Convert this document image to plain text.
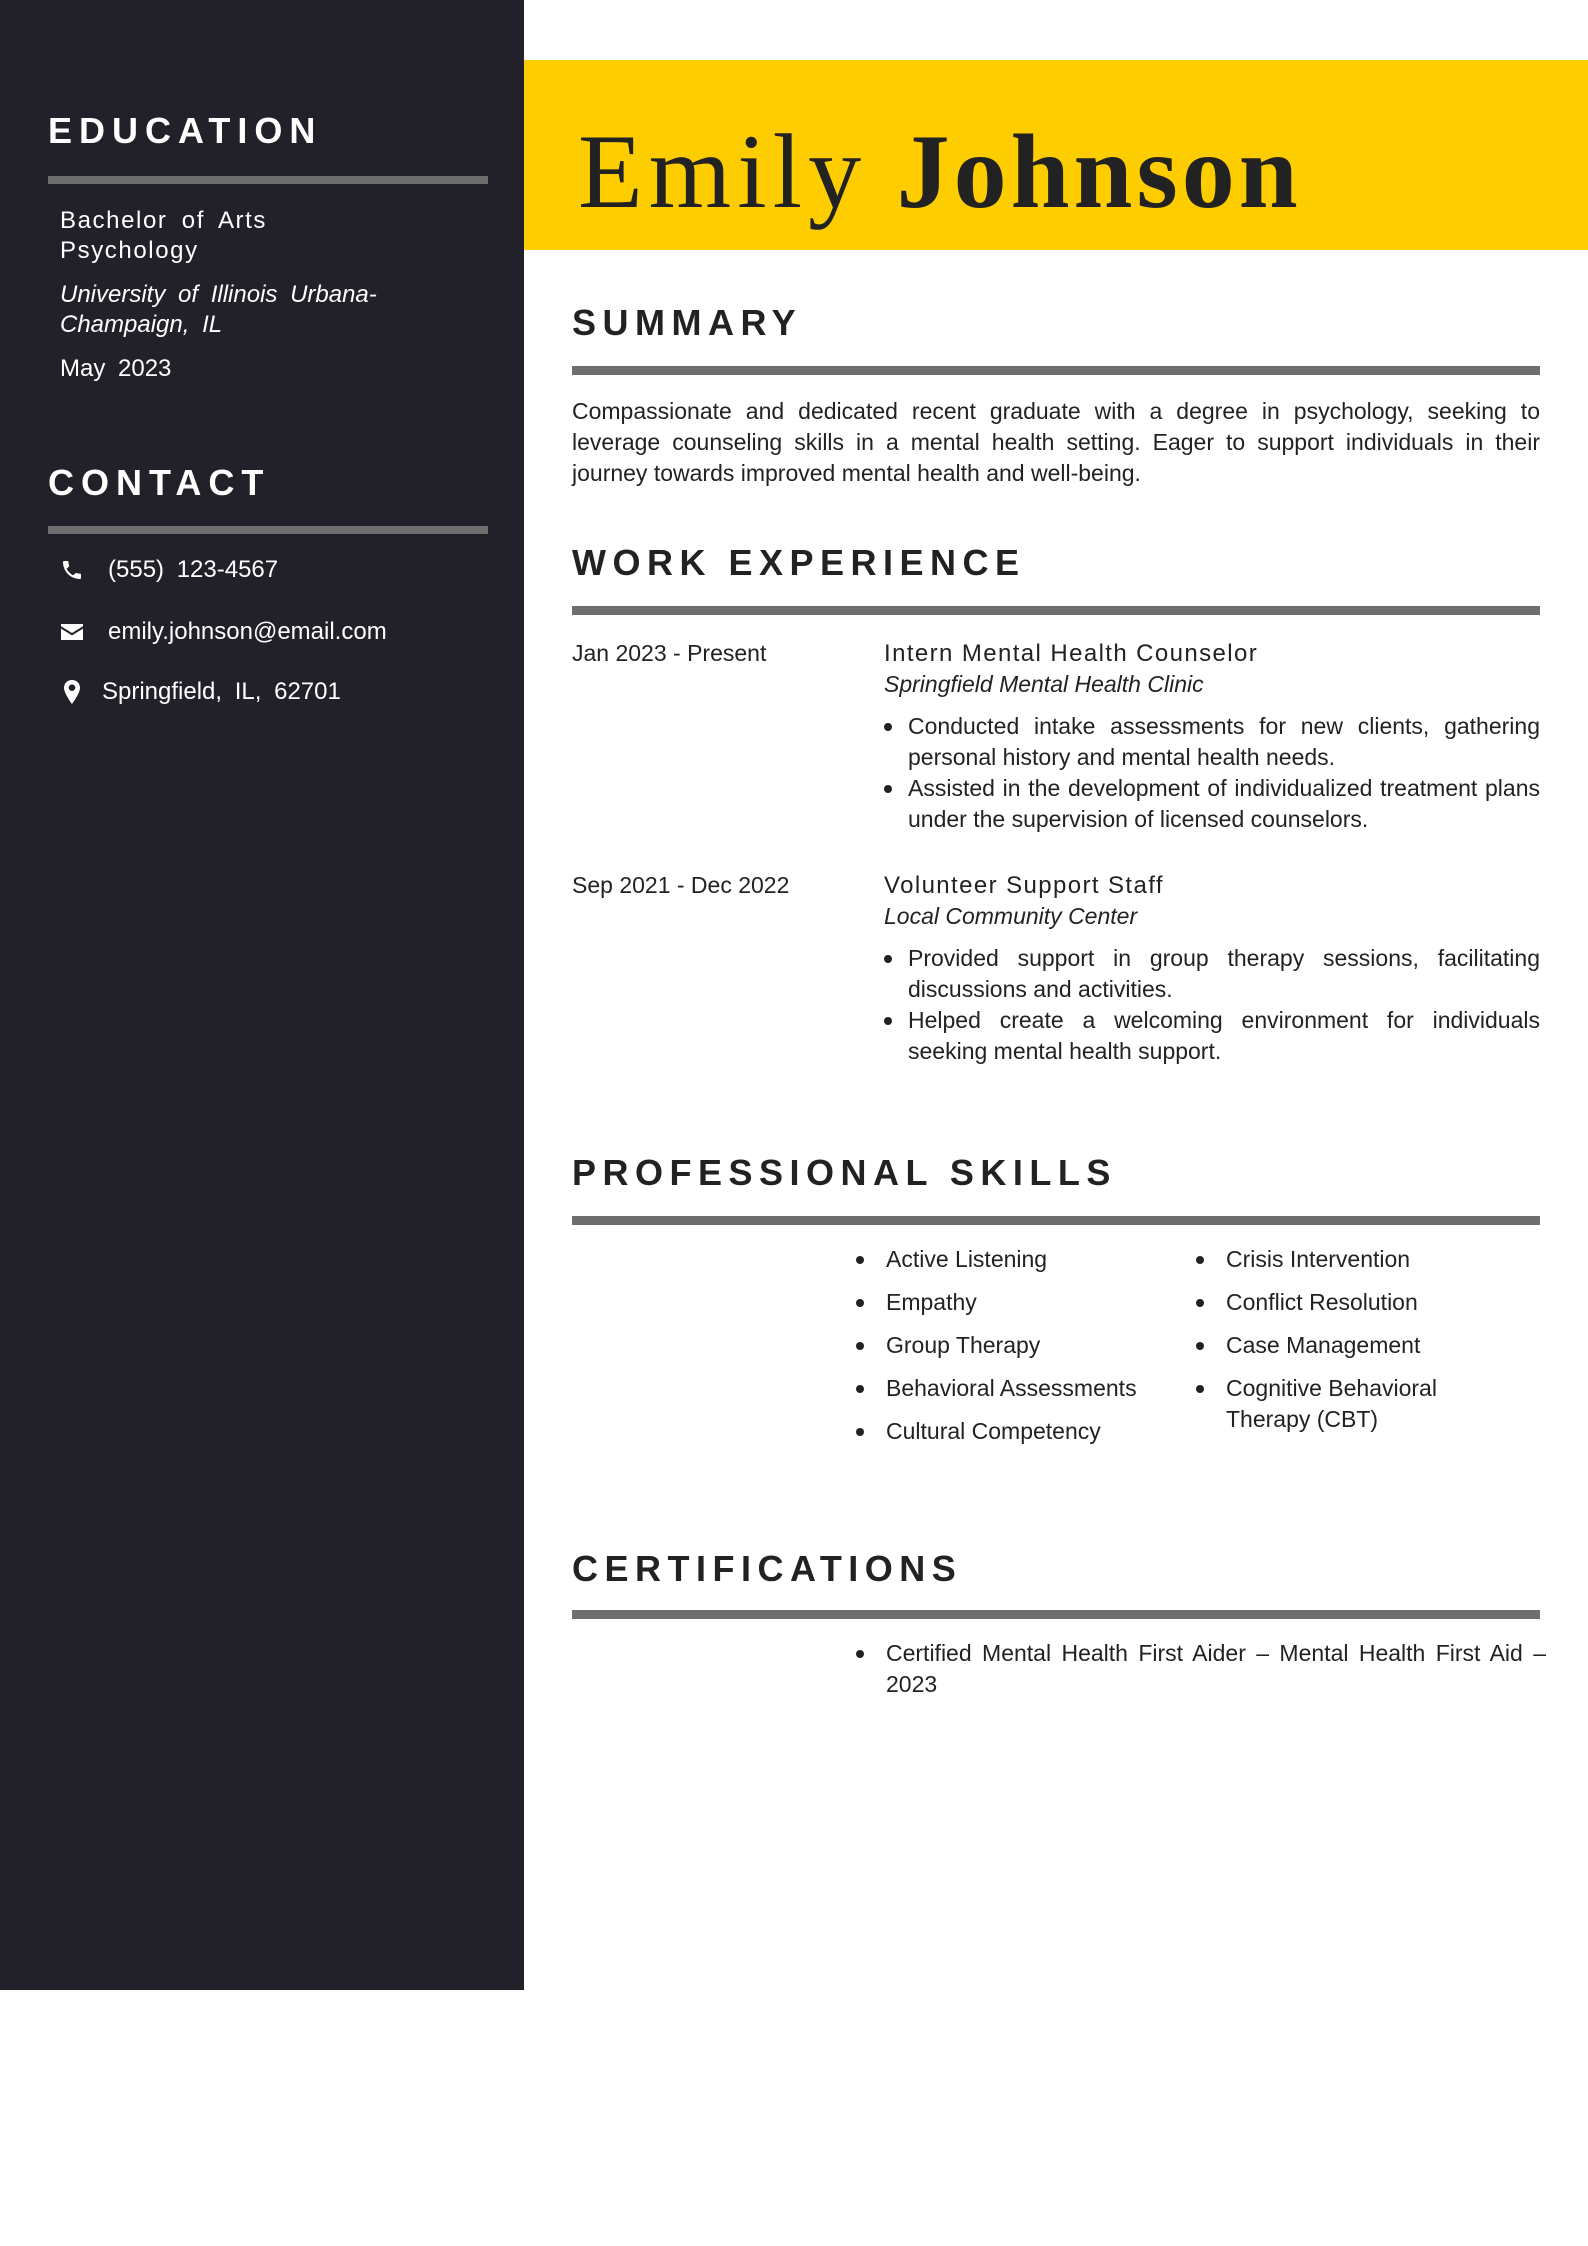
EDUCATION
Bachelor of Arts
Psychology
University of Illinois Urbana-
Champaign, IL
May 2023
CONTACT
(555) 123-4567
emily.johnson@email.com
Springfield, IL, 62701
Emily Johnson
SUMMARY
Compassionate and dedicated recent graduate with a degree in psychology, seeking to leverage counseling skills in a mental health setting. Eager to support individuals in their journey towards improved mental health and well-being.
WORK EXPERIENCE
Jan 2023 - Present	Intern Mental Health Counselor
Springfield Mental Health Clinic
Conducted intake assessments for new clients, gathering personal history and mental health needs.
Assisted in the development of individualized treatment plans under the supervision of licensed counselors.
Sep 2021 - Dec 2022	Volunteer Support Staff
Local Community Center
Provided support in group therapy sessions, facilitating discussions and activities.
Helped create a welcoming environment for individuals seeking mental health support.
PROFESSIONAL SKILLS
Active Listening
Empathy
Group Therapy
Behavioral Assessments
Cultural Competency
Crisis Intervention
Conflict Resolution
Case Management
Cognitive Behavioral Therapy (CBT)
CERTIFICATIONS
Certified Mental Health First Aider – Mental Health First Aid – 2023
